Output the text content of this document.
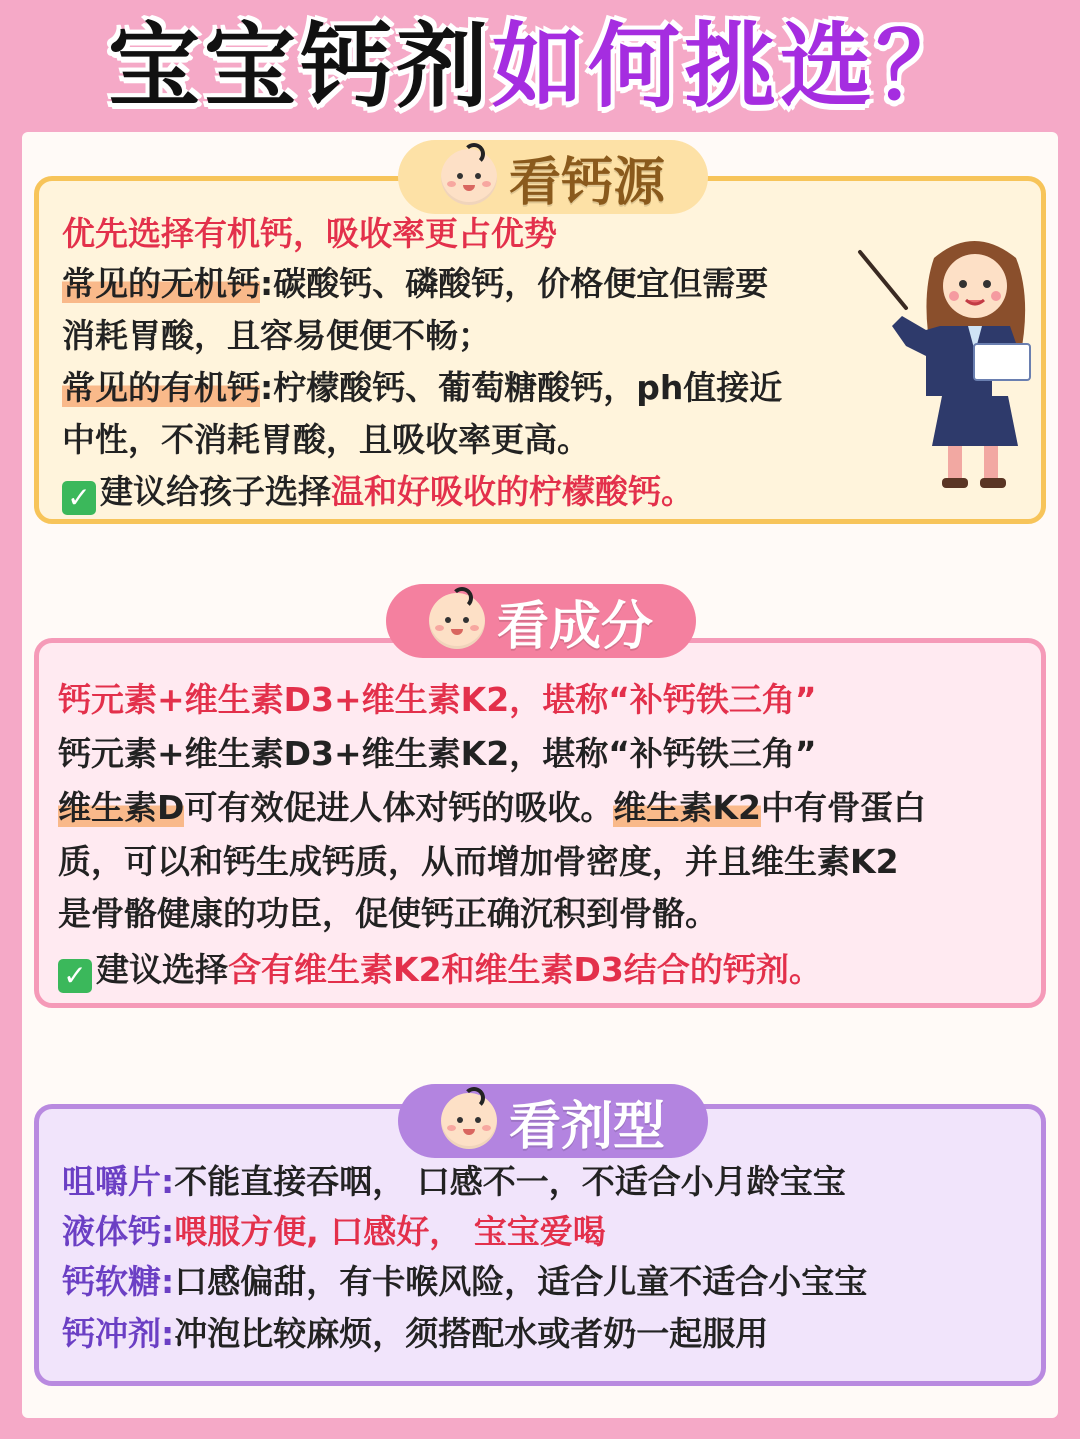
宝宝钙剂如何挑选？
看钙源
优先选择有机钙，吸收率更占优势
常见的无机钙:碳酸钙、磷酸钙，价格便宜但需要
消耗胃酸，且容易便便不畅；
常见的有机钙:柠檬酸钙、葡萄糖酸钙，ph值接近
中性，不消耗胃酸，且吸收率更高。
✓ 建议给孩子选择温和好吸收的柠檬酸钙。
看成分
钙元素+维生素D3+维生素K2，堪称“补钙铁三角”
钙元素+维生素D3+维生素K2，堪称“补钙铁三角”
维生素D可有效促进人体对钙的吸收。维生素K2中有骨蛋白
质，可以和钙生成钙质，从而增加骨密度，并且维生素K2
是骨骼健康的功臣，促使钙正确沉积到骨骼。
✓ 建议选择含有维生素K2和维生素D3结合的钙剂。
看剂型
咀嚼片:不能直接吞咽， 口感不一，不适合小月龄宝宝
液体钙:喂服方便, 口感好， 宝宝爱喝
钙软糖:口感偏甜，有卡喉风险，适合儿童不适合小宝宝
钙冲剂:冲泡比较麻烦，须搭配水或者奶一起服用
